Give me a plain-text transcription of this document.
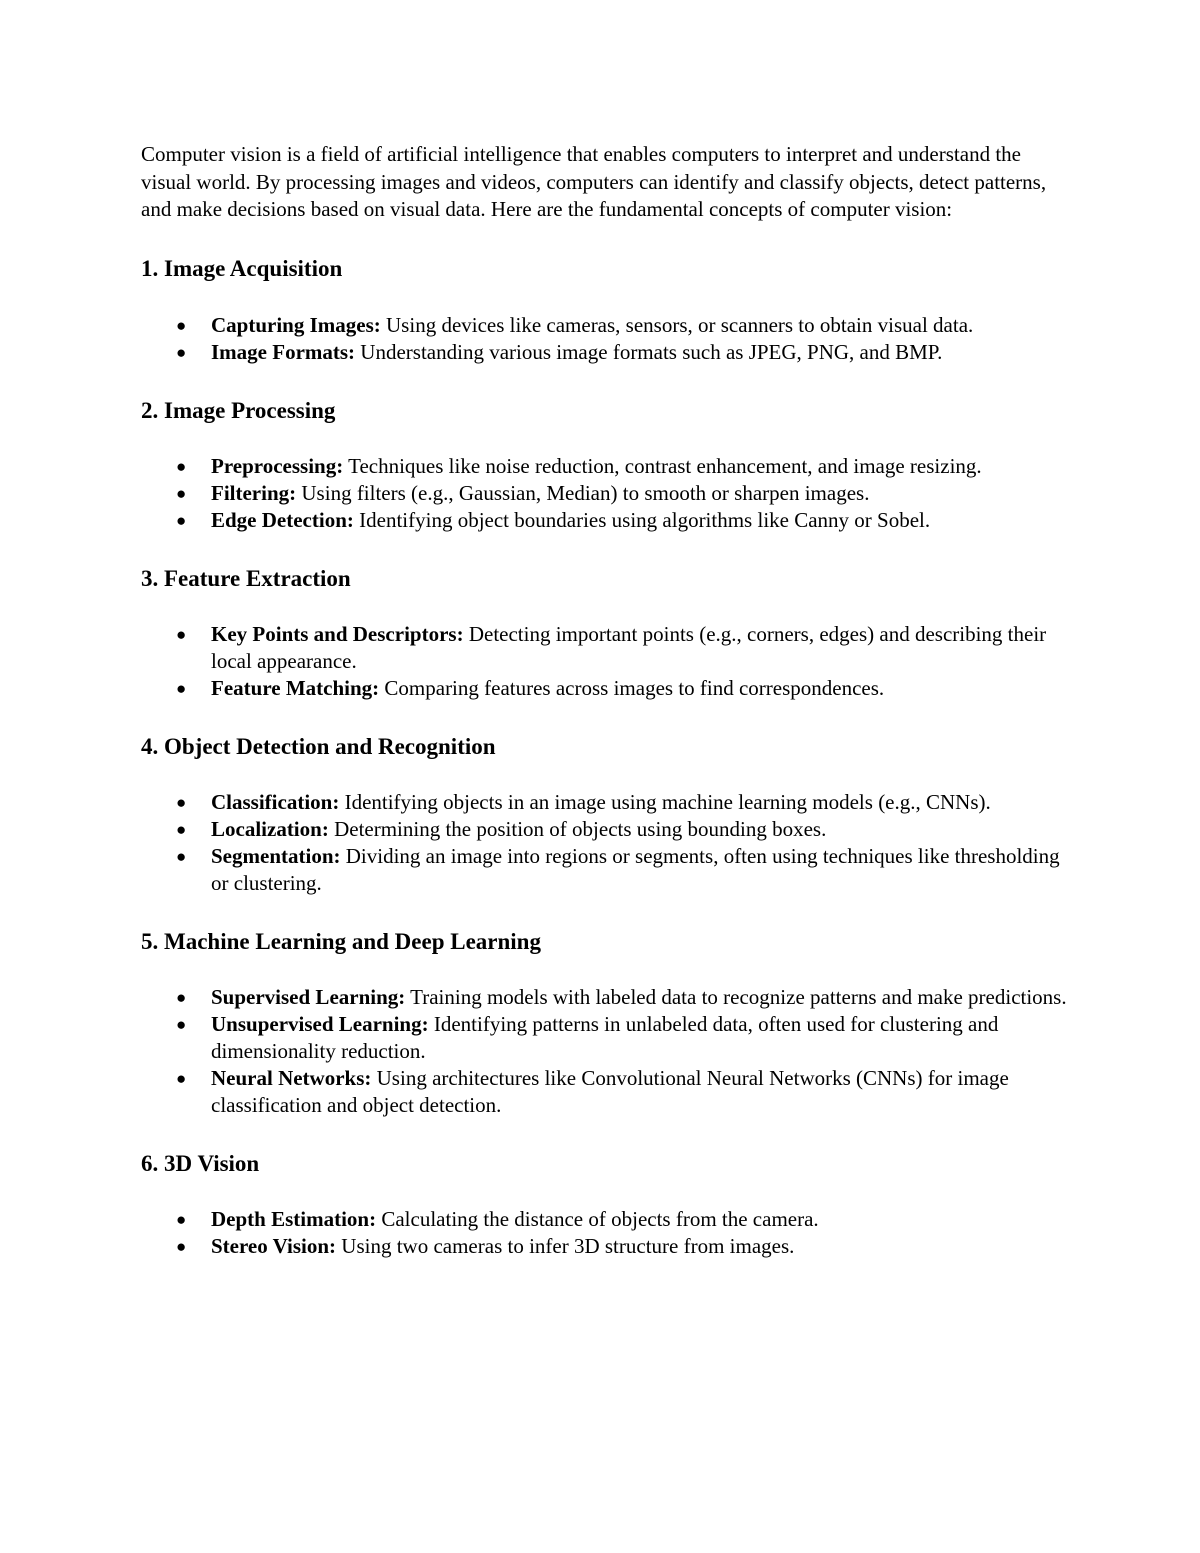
Computer vision is a field of artificial intelligence that enables computers to interpret and understand the visual world. By processing images and videos, computers can identify and classify objects, detect patterns, and make decisions based on visual data. Here are the fundamental concepts of computer vision:

1. Image Acquisition
● Capturing Images: Using devices like cameras, sensors, or scanners to obtain visual data.
● Image Formats: Understanding various image formats such as JPEG, PNG, and BMP.
2. Image Processing
● Preprocessing: Techniques like noise reduction, contrast enhancement, and image resizing.
● Filtering: Using filters (e.g., Gaussian, Median) to smooth or sharpen images.
● Edge Detection: Identifying object boundaries using algorithms like Canny or Sobel.
3. Feature Extraction
● Key Points and Descriptors: Detecting important points (e.g., corners, edges) and describing their local appearance.
● Feature Matching: Comparing features across images to find correspondences.
4. Object Detection and Recognition
● Classification: Identifying objects in an image using machine learning models (e.g., CNNs).
● Localization: Determining the position of objects using bounding boxes.
● Segmentation: Dividing an image into regions or segments, often using techniques like thresholding or clustering.
5. Machine Learning and Deep Learning
● Supervised Learning: Training models with labeled data to recognize patterns and make predictions.
● Unsupervised Learning: Identifying patterns in unlabeled data, often used for clustering and dimensionality reduction.
● Neural Networks: Using architectures like Convolutional Neural Networks (CNNs) for image classification and object detection.
6. 3D Vision
● Depth Estimation: Calculating the distance of objects from the camera.
● Stereo Vision: Using two cameras to infer 3D structure from images.
